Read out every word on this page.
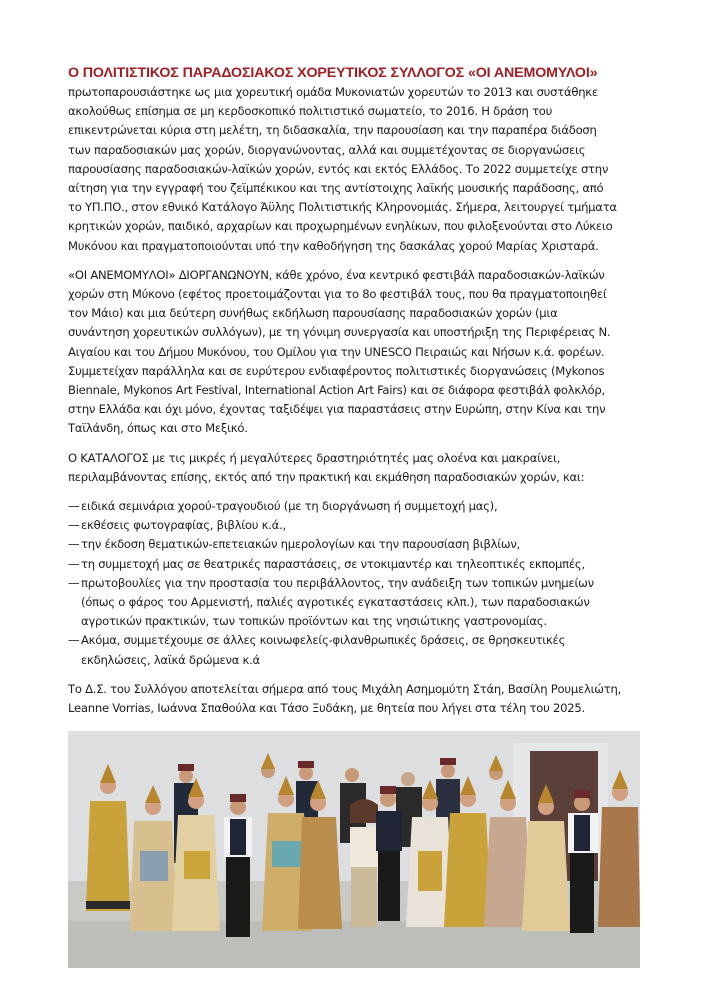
Ο ΠΟΛΙΤΙΣΤΙΚΟΣ ΠΑΡΑΔΟΣΙΑΚΟΣ ΧΟΡΕΥΤΙΚΟΣ ΣΥΛΛΟΓΟΣ «ΟΙ ΑΝΕΜΟΜΥΛΟΙ»

πρωτοπαρουσιάστηκε ως μια χορευτική ομάδα Μυκονιατών χορευτών το 2013 και συστάθηκε
ακολούθως επίσημα σε μη κερδοσκοπικό πολιτιστικό σωματείο, το 2016. Η δράση του
επικεντρώνεται κύρια στη μελέτη, τη διδασκαλία, την παρουσίαση και την παραπέρα διάδοση
των παραδοσιακών μας χορών, διοργανώνοντας, αλλά και συμμετέχοντας σε διοργανώσεις
παρουσίασης παραδοσιακών-λαϊκών χορών, εντός και εκτός Ελλάδος. Το 2022 συμμετείχε στην
αίτηση για την εγγραφή του ζεϊμπέκικου και της αντίστοιχης λαϊκής μουσικής παράδοσης, από
το ΥΠ.ΠΟ., στον εθνικό Κατάλογο Άϋλης Πολιτιστικής Κληρονομιάς. Σήμερα, λειτουργεί τμήματα
κρητικών χορών, παιδικό, αρχαρίων και προχωρημένων ενηλίκων, που φιλοξενούνται στο Λύκειο
Μυκόνου και πραγματοποιούνται υπό την καθοδήγηση της δασκάλας χορού Μαρίας Χρισταρά.

«ΟΙ ΑΝΕΜΟΜΥΛΟΙ» ΔΙΟΡΓΑΝΩΝΟΥΝ, κάθε χρόνο, ένα κεντρικό φεστιβάλ παραδοσιακών-λαϊκών
χορών στη Μύκονο (εφέτος προετοιμάζονται για το 8ο φεστιβάλ τους, που θα πραγματοποιηθεί
τον Μάιο) και μια δεύτερη συνήθως εκδήλωση παρουσίασης παραδοσιακών χορών (μια
συνάντηση χορευτικών συλλόγων), με τη γόνιμη συνεργασία και υποστήριξη της Περιφέρειας Ν.
Αιγαίου και του Δήμου Μυκόνου, του Ομίλου για την UNESCO Πειραιώς και Νήσων κ.ά. φορέων.
Συμμετείχαν παράλληλα και σε ευρύτερου ενδιαφέροντος πολιτιστικές διοργανώσεις (Mykonos
Biennale, Mykonos Art Festival, International Action Art Fairs) και σε διάφορα φεστιβάλ φολκλόρ,
στην Ελλάδα και όχι μόνο, έχοντας ταξιδέψει για παραστάσεις στην Ευρώπη, στην Κίνα και την
Ταϊλάνδη, όπως και στο Μεξικό.

Ο ΚΑΤΑΛΟΓΟΣ με τις μικρές ή μεγαλύτερες δραστηριότητές μας ολοένα και μακραίνει,
περιλαμβάνοντας επίσης, εκτός από την πρακτική και εκμάθηση παραδοσιακών χορών, και:

— ειδικά σεμινάρια χορού-τραγουδιού (με τη διοργάνωση ή συμμετοχή μας),
— εκθέσεις φωτογραφίας, βιβλίου κ.ά.,
— την έκδοση θεματικών-επετειακών ημερολογίων και την παρουσίαση βιβλίων,
— τη συμμετοχή μας σε θεατρικές παραστάσεις, σε ντοκιμαντέρ και τηλεοπτικές εκπομπές,
— πρωτοβουλίες για την προστασία του περιβάλλοντος, την ανάδειξη των τοπικών μνημείων
(όπως ο φάρος του Αρμενιστή, παλιές αγροτικές εγκαταστάσεις κλπ.), των παραδοσιακών
αγροτικών πρακτικών, των τοπικών προϊόντων και της νησιώτικης γαστρονομίας.
— Ακόμα, συμμετέχουμε σε άλλες κοινωφελείς-φιλανθρωπικές δράσεις, σε θρησκευτικές
εκδηλώσεις, λαϊκά δρώμενα κ.ά

Το Δ.Σ. του Συλλόγου αποτελείται σήμερα από τους Μιχάλη Ασημομύτη Στάη, Βασίλη Ρουμελιώτη,
Leanne Vorrias, Ιωάννα Σπαθούλα και Τάσο Ξυδάκη, με θητεία που λήγει στα τέλη του 2025.
